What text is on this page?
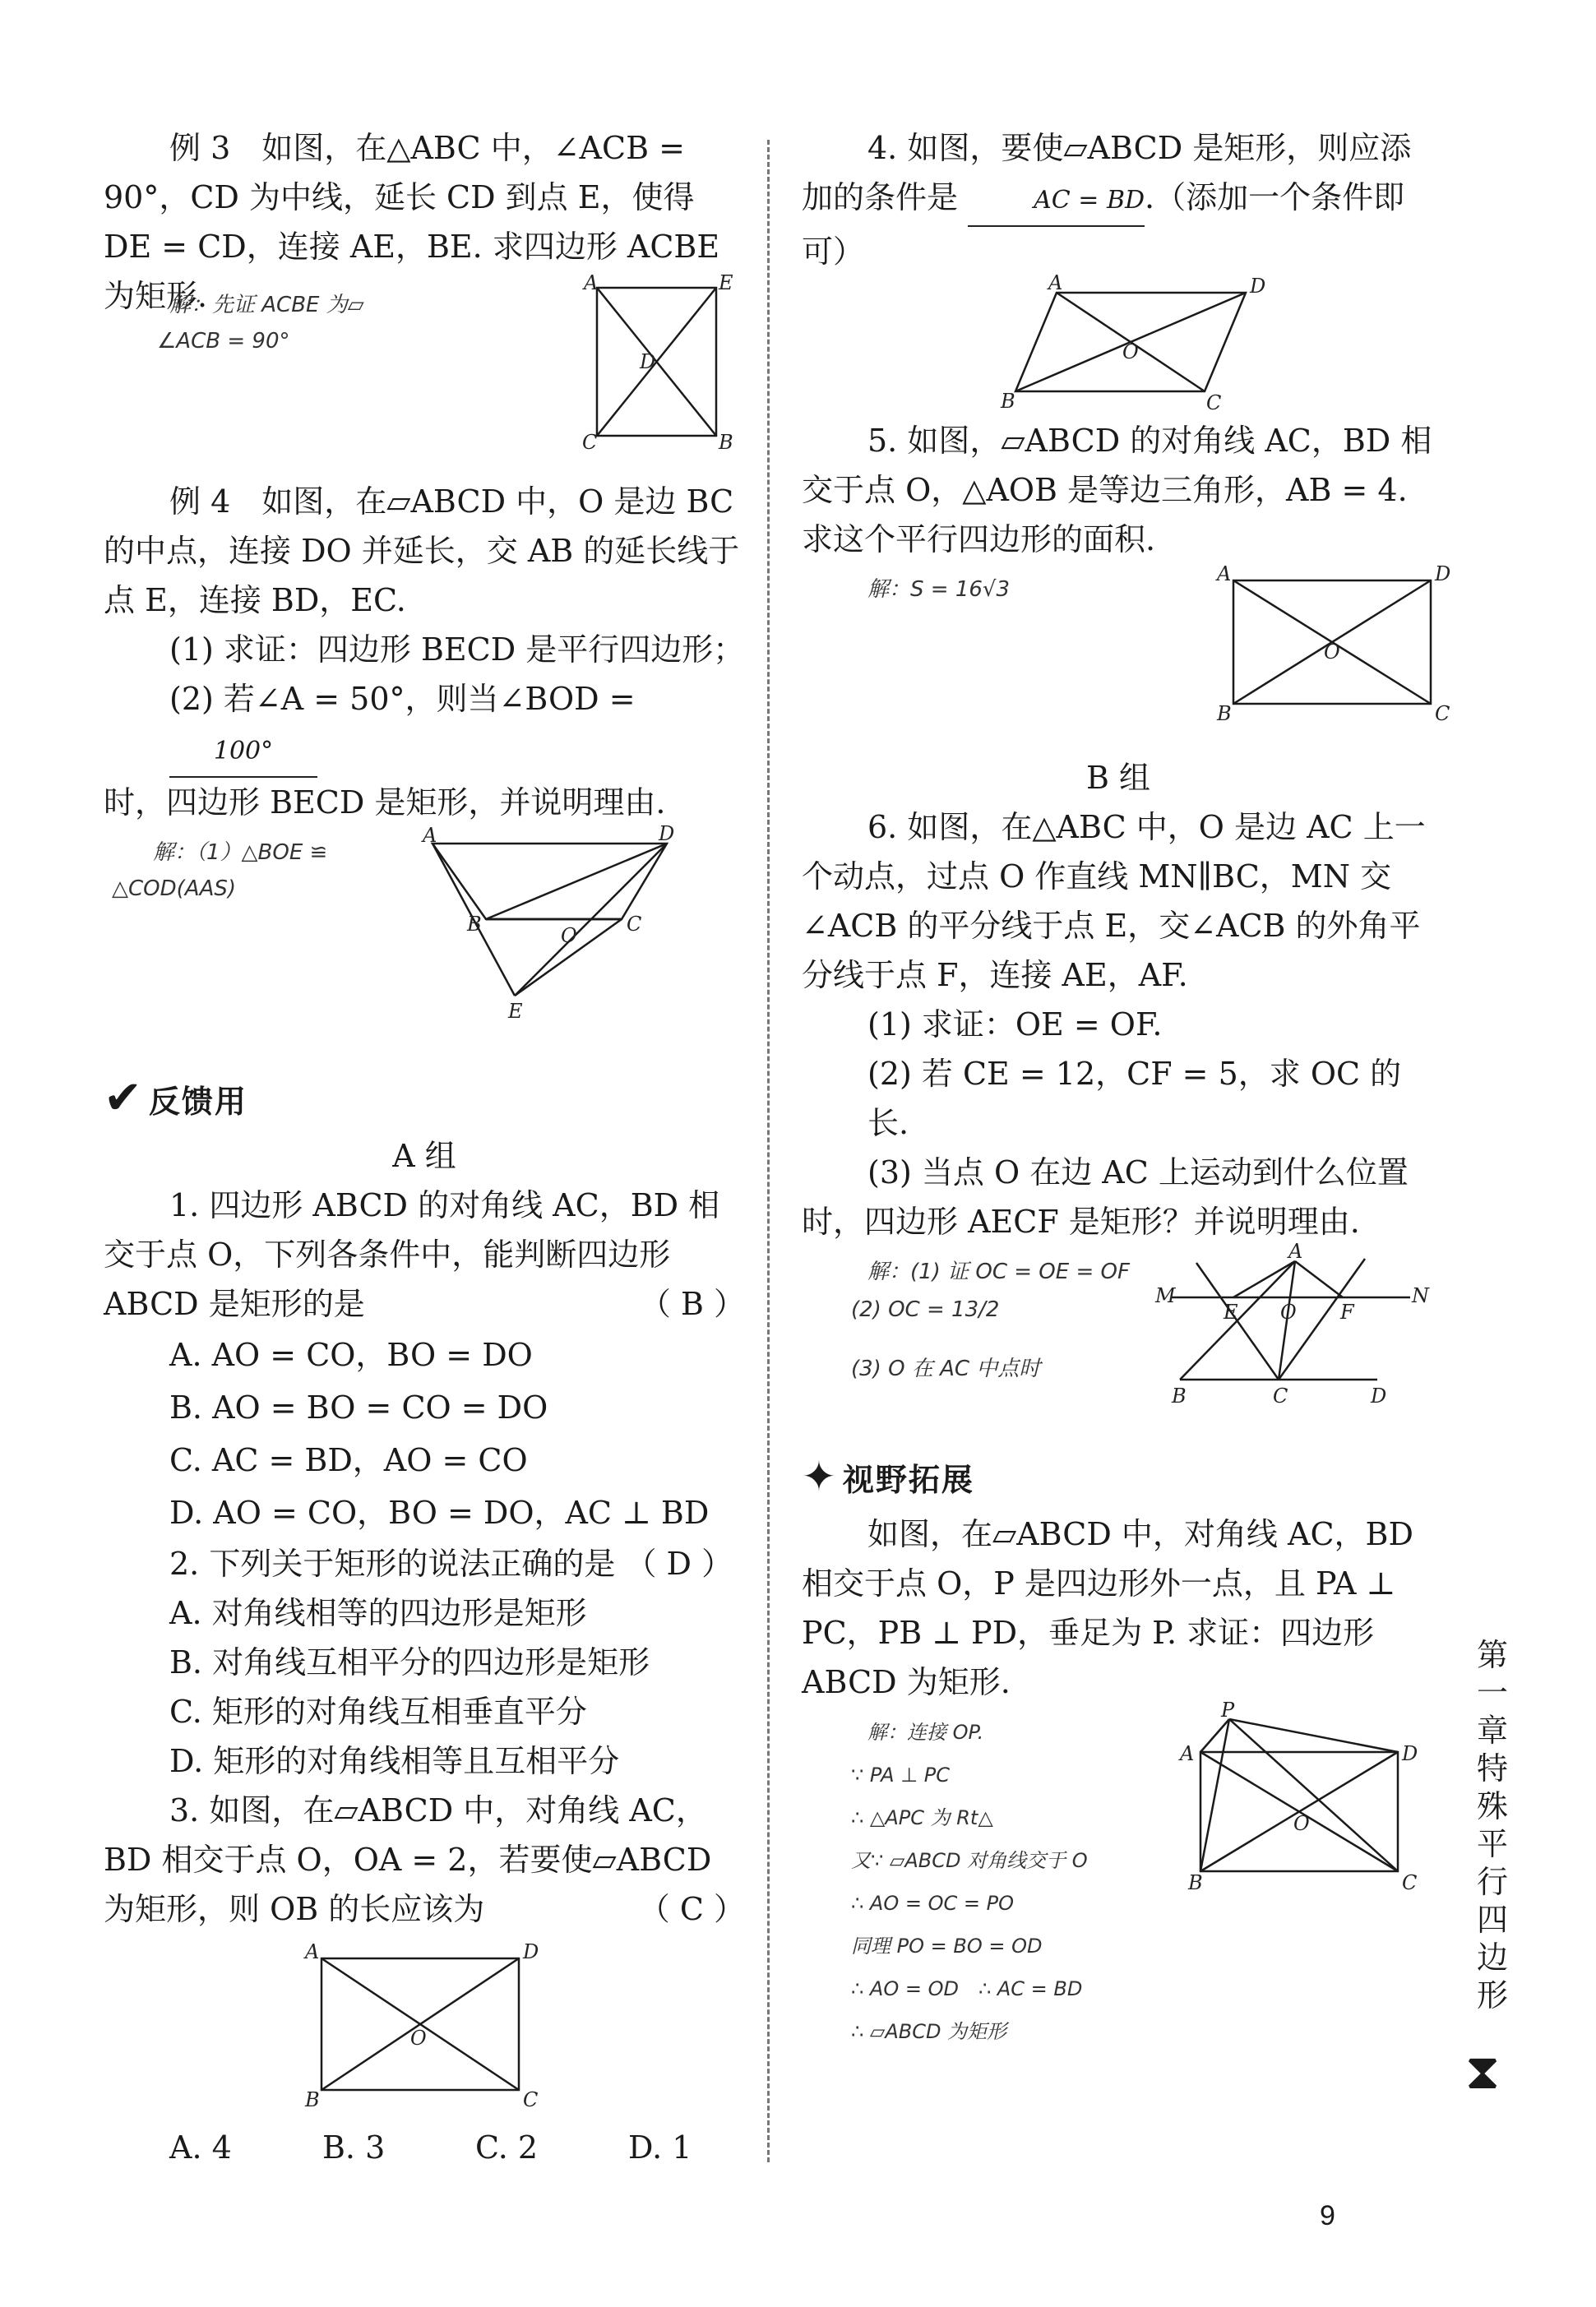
例 3　如图，在△ABC 中，∠ACB = 90°，CD 为中线，延长 CD 到点 E，使得 DE = CD，连接 AE，BE. 求四边形 ACBE 为矩形.

解：先证 ACBE 为▱
∠ACB = 90°
A	E
D
C	B

例 4　如图，在▱ABCD 中，O 是边 BC 的中点，连接 DO 并延长，交 AB 的延长线于点 E，连接 BD，EC.

(1) 求证：四边形 BECD 是平行四边形；

(2) 若∠A = 50°，则当∠BOD = 100°

时，四边形 BECD 是矩形，并说明理由.

解：（1）△BOE ≌
△COD(AAS)
A	D
B	O	C
E
✔ 反馈用

A 组

1. 四边形 ABCD 的对角线 AC，BD 相交于点 O，下列各条件中，能判断四边形 ABCD 是矩形的是	（ B ）

A. AO = CO，BO = DO
B. AO = BO = CO = DO
C. AC = BD，AO = CO
D. AO = CO，BO = DO，AC ⊥ BD

2. 下列关于矩形的说法正确的是 （ D ）

A. 对角线相等的四边形是矩形
B. 对角线互相平分的四边形是矩形
C. 矩形的对角线互相垂直平分
D. 矩形的对角线相等且互相平分

3. 如图，在▱ABCD 中，对角线 AC，BD 相交于点 O，OA = 2，若要使▱ABCD 为矩形，则 OB 的长应该为	（ C ）

A	D
O
B	C
A. 4	B. 3	C. 2	D. 1

4. 如图，要使▱ABCD 是矩形，则应添加的条件是	AC = BD.（添加一个条件即可）

A	D
O
B	C

5. 如图，▱ABCD 的对角线 AC，BD 相交于点 O，△AOB 是等边三角形，AB = 4. 求这个平行四边形的面积.

解：S = 16√3
A	D
O
B	C

B 组

6. 如图，在△ABC 中，O 是边 AC 上一个动点，过点 O 作直线 MN∥BC，MN 交∠ACB 的平分线于点 E，交∠ACB 的外角平分线于点 F，连接 AE，AF.

(1) 求证：OE = OF.

(2) 若 CE = 12，CF = 5，求 OC 的长.

(3) 当点 O 在边 AC 上运动到什么位置时，四边形 AECF 是矩形？并说明理由.

解：(1) 证 OC = OE = OF
(2) OC = 13/2
(3) O 在 AC 中点时
A
M
E O F
N
B	C	D
✦ 视野拓展

如图，在▱ABCD 中，对角线 AC，BD 相交于点 O，P 是四边形外一点，且 PA ⊥ PC，PB ⊥ PD，垂足为 P. 求证：四边形 ABCD 为矩形.

解：连接 OP.
∵ PA ⊥ PC
∴ △APC 为 Rt△
又∵ ▱ABCD 对角线交于 O
∴ AO = OC = PO
同理 PO = BO = OD
∴ AO = OD　∴ AC = BD
∴ ▱ABCD 为矩形
P
A	D
O
B	C
第一章　特殊平行四边形
⧗
9
